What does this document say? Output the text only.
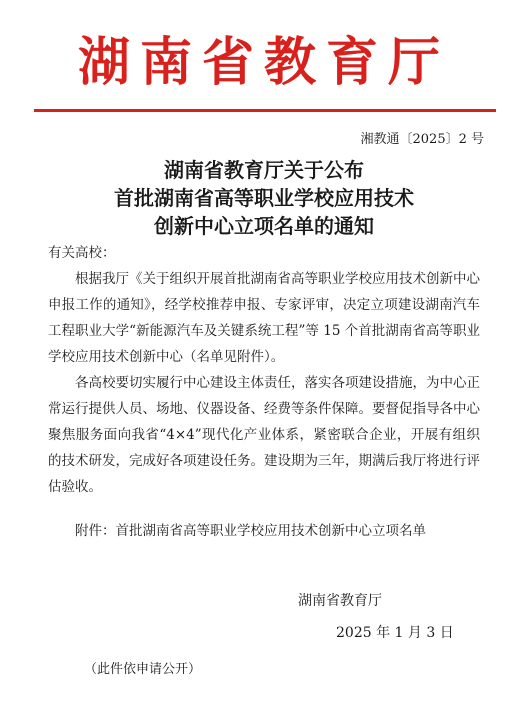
湖南省教育厅
湘教通〔2025〕2 号
湖南省教育厅关于公布
首批湖南省高等职业学校应用技术
创新中心立项名单的通知

有关高校：

根据我厅《关于组织开展首批湖南省高等职业学校应用技术创新中心申报工作的通知》，经学校推荐申报、专家评审，决定立项建设湖南汽车工程职业大学“新能源汽车及关键系统工程”等 15 个首批湖南省高等职业学校应用技术创新中心（名单见附件）。

各高校要切实履行中心建设主体责任，落实各项建设措施，为中心正常运行提供人员、场地、仪器设备、经费等条件保障。要督促指导各中心聚焦服务面向我省“4×4”现代化产业体系，紧密联合企业，开展有组织的技术研发，完成好各项建设任务。建设期为三年，期满后我厅将进行评估验收。

附件：首批湖南省高等职业学校应用技术创新中心立项名单

湖南省教育厅
2025 年 1 月 3 日
（此件依申请公开）
